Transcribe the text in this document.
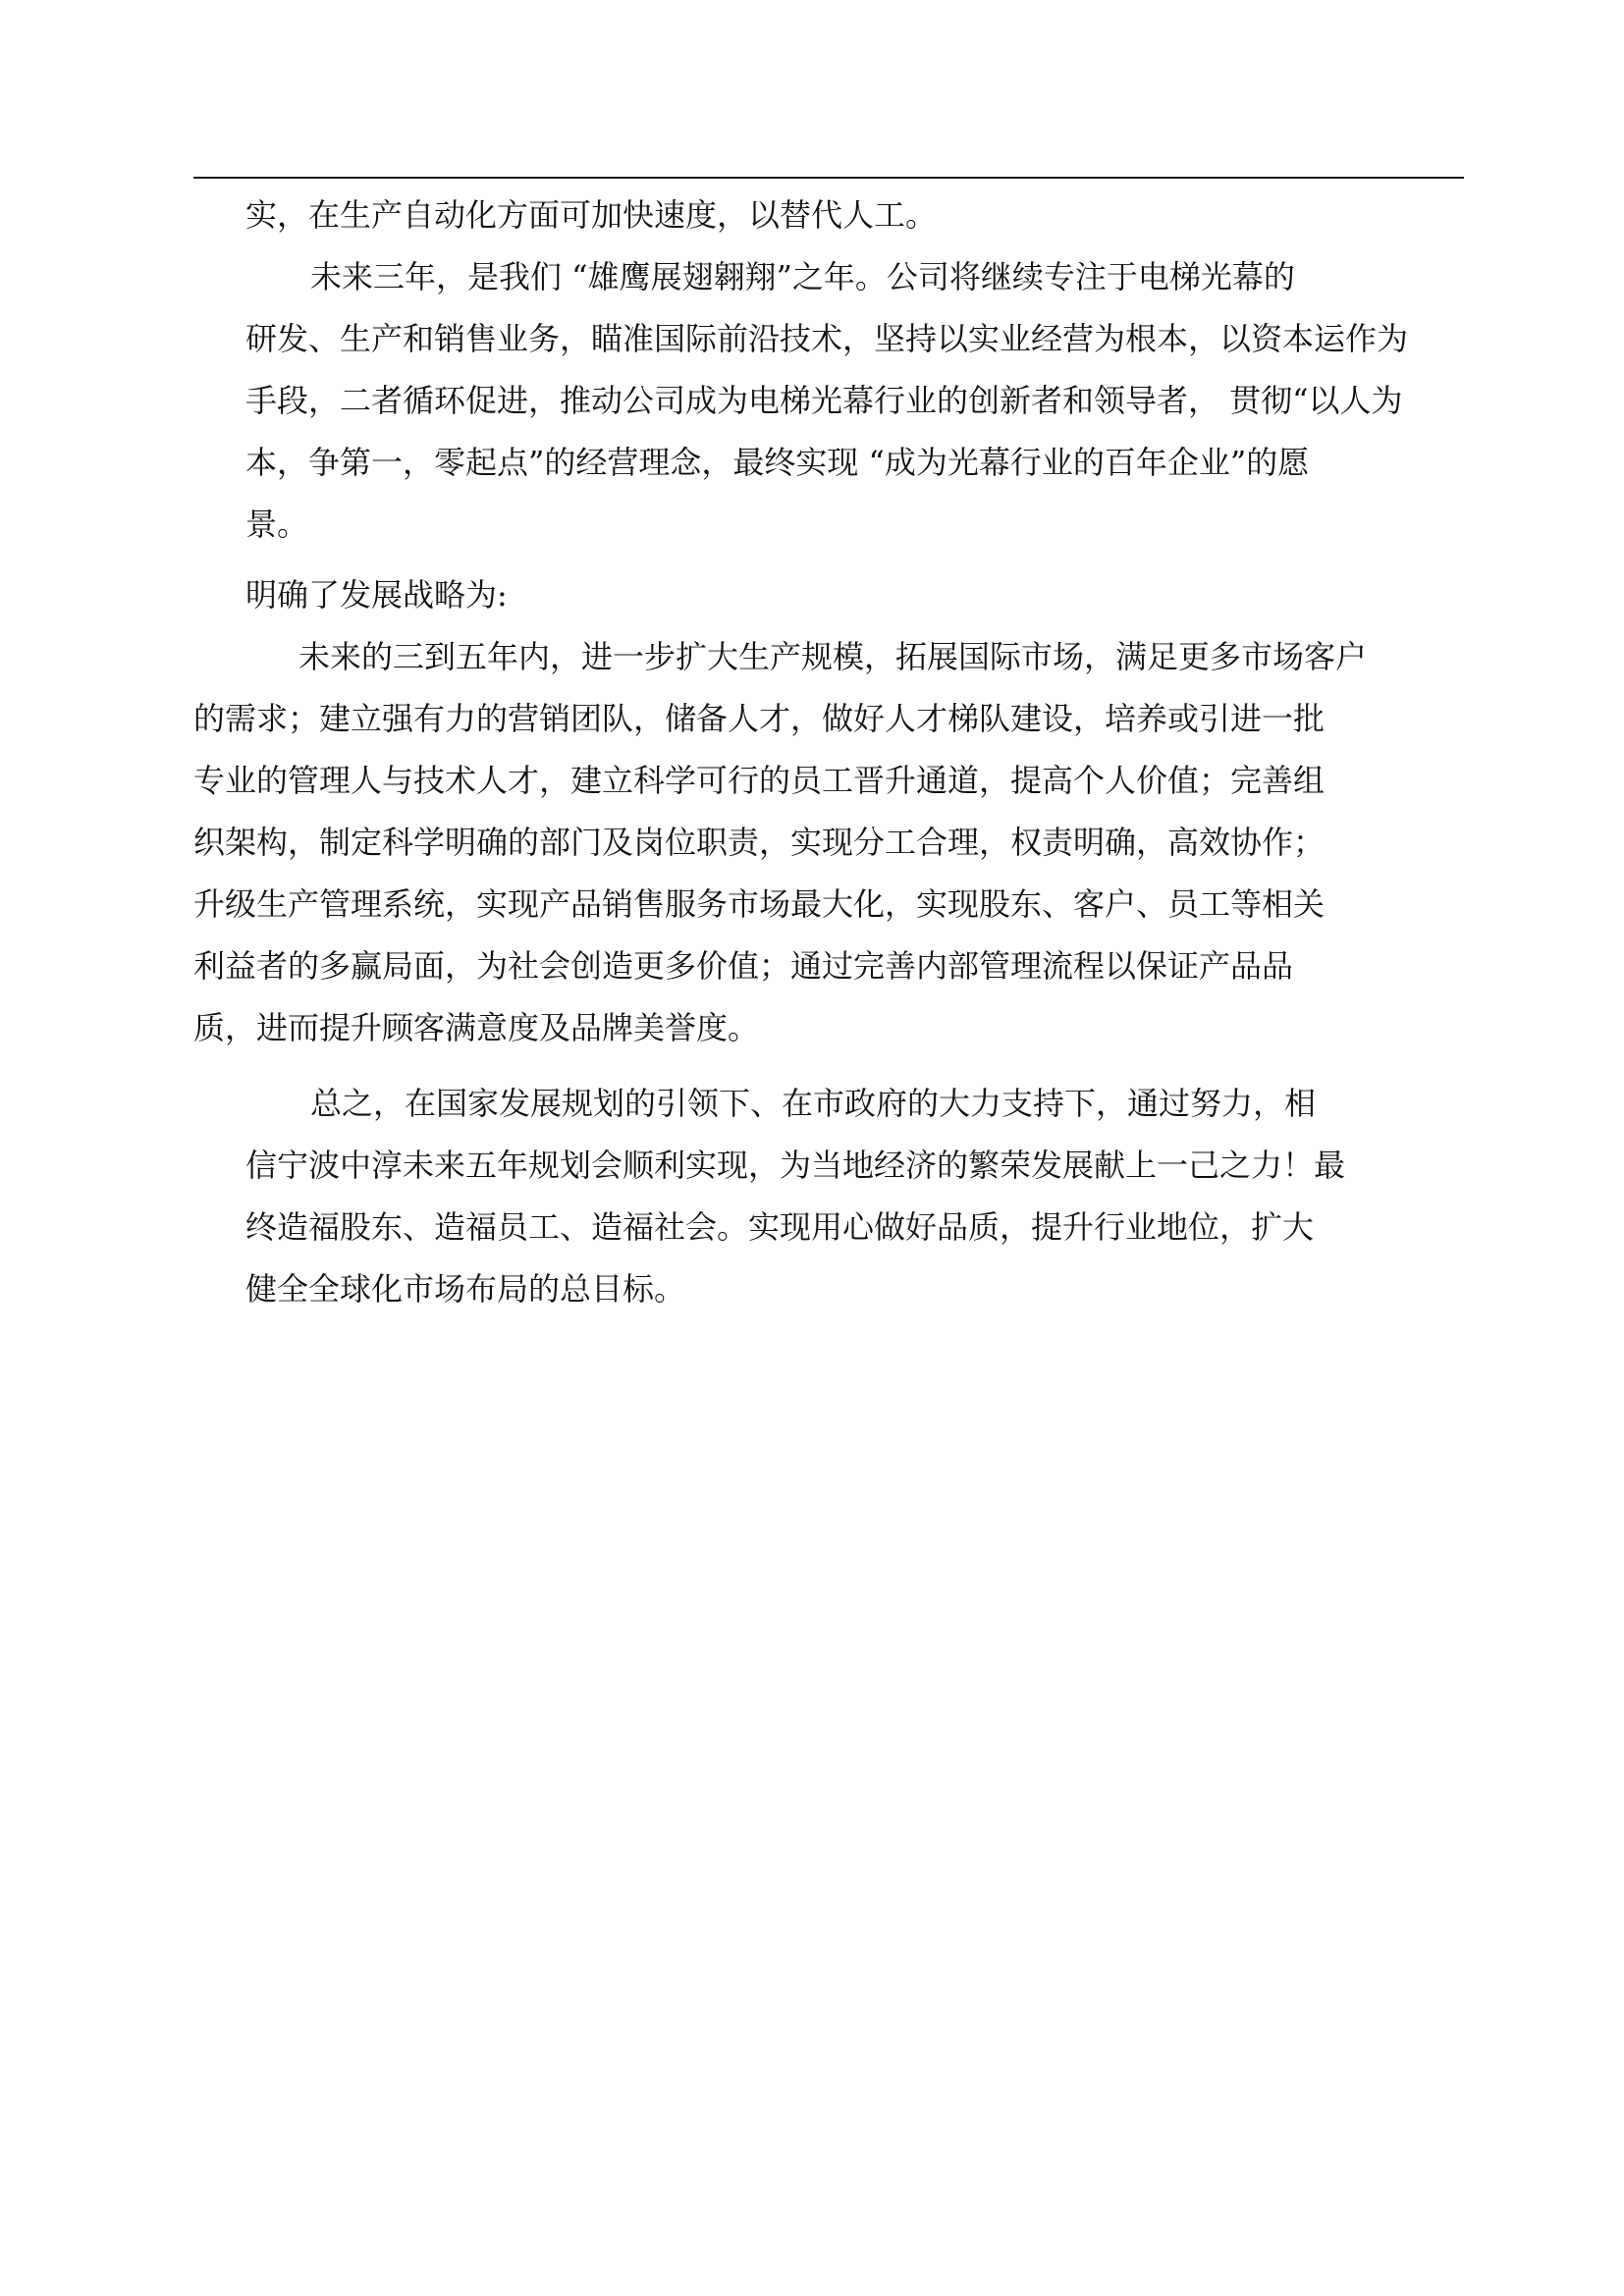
实，在生产自动化方面可加快速度，以替代人工。
未来三年，是我们 “雄鹰展翅翱翔”之年。公司将继续专注于电梯光幕的
研发、生产和销售业务，瞄准国际前沿技术，坚持以实业经营为根本，以资本运作为
手段，二者循环促进，推动公司成为电梯光幕行业的创新者和领导者， 贯彻“以人为
本，争第一，零起点”的经营理念，最终实现 “成为光幕行业的百年企业”的愿
景。
明确了发展战略为:
未来的三到五年内，进一步扩大生产规模，拓展国际市场，满足更多市场客户
的需求；建立强有力的营销团队，储备人才，做好人才梯队建设，培养或引进一批
专业的管理人与技术人才，建立科学可行的员工晋升通道，提高个人价值；完善组
织架构，制定科学明确的部门及岗位职责，实现分工合理，权责明确，高效协作；
升级生产管理系统，实现产品销售服务市场最大化，实现股东、客户、员工等相关
利益者的多赢局面，为社会创造更多价值；通过完善内部管理流程以保证产品品
质，进而提升顾客满意度及品牌美誉度。
总之，在国家发展规划的引领下、在市政府的大力支持下，通过努力，相
信宁波中淳未来五年规划会顺利实现，为当地经济的繁荣发展献上一己之力！最
终造福股东、造福员工、造福社会。实现用心做好品质，提升行业地位，扩大
健全全球化市场布局的总目标。
